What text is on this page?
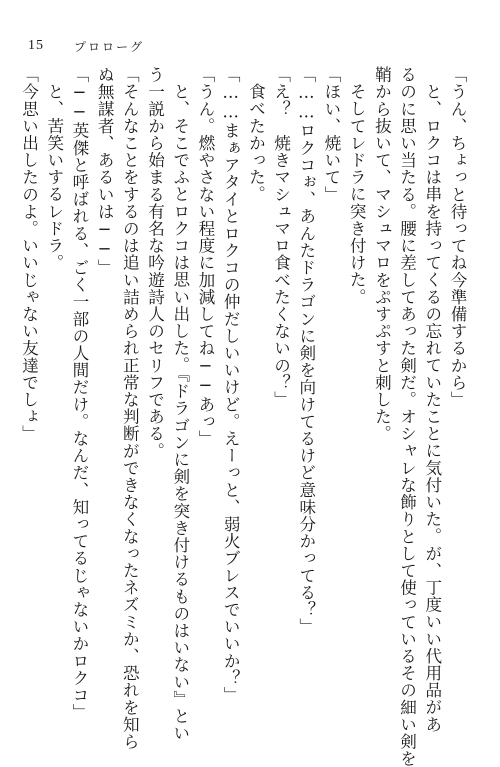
15	プロローグ
「うん、ちょっと待ってね今準備するから」
と、ロクコは串を持ってくるの忘れていたことに気付いた。が、丁度いい代用品があ
るのに思い当たる。腰に差してあった剣だ。オシャレな飾りとして使っているその細い剣を
鞘から抜いて、マシュマロをぷすぷすと刺した。
そしてレドラに突き付けた。
「ほい、焼いて」
「……ロクコぉ、あんたドラゴンに剣を向けてるけど意味分かってる？」
「え？　焼きマシュマロ食べたくないの？」
食べたかった。
「……まぁアタイとロクコの仲だしいいけど。えーっと、弱火ブレスでいいか？」
「うん。燃やさない程度に加減してね──あっ」
と、そこでふとロクコは思い出した。『ドラゴンに剣を突き付けるものはいない』とい
う一説から始まる有名な吟遊詩人のセリフである。
「そんなことをするのは追い詰められ正常な判断ができなくなったネズミか、恐れを知ら
ぬ無謀者、あるいは──」
「──英傑と呼ばれる、ごく一部の人間だけ。なんだ、知ってるじゃないかロクコ」
と、苦笑いするレドラ。
「今思い出したのよ。いいじゃない友達でしょ」
